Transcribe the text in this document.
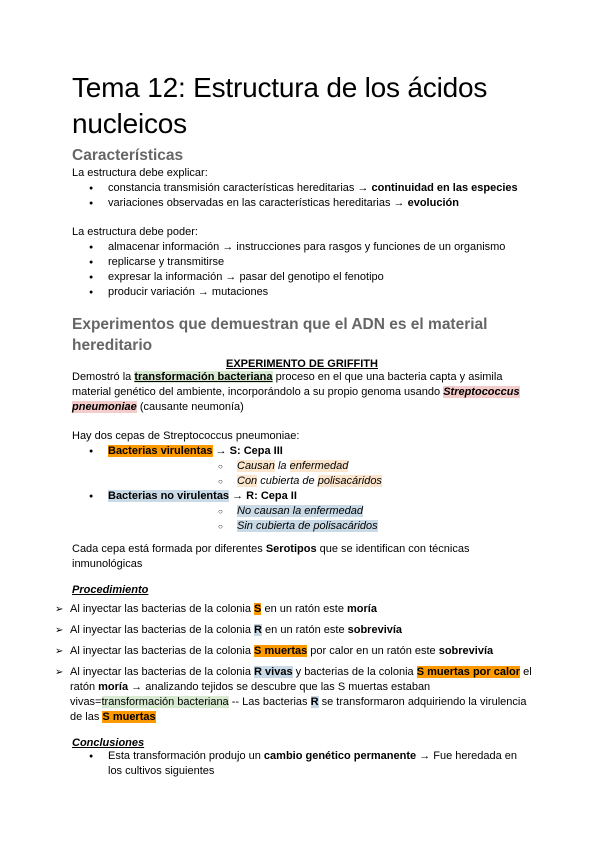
Tema 12: Estructura de los ácidos nucleicos
Características

La estructura debe explicar:

● constancia transmisión características hereditarias → continuidad en las especies
● variaciones observadas en las características hereditarias → evolución

La estructura debe poder:

● almacenar información → instrucciones para rasgos y funciones de un organismo
● replicarse y transmitirse
● expresar la información → pasar del genotipo el fenotipo
● producir variación → mutaciones
Experimentos que demuestran que el ADN es el material hereditario
EXPERIMENTO DE GRIFFITH

Demostró la transformación bacteriana proceso en el que una bacteria capta y asimila material genético del ambiente, incorporándolo a su propio genoma usando Streptococcus pneumoniae (causante neumonía)

Hay dos cepas de Streptococcus pneumoniae:

● Bacterias virulentas → S: Cepa III
○ Causan la enfermedad
○ Con cubierta de polisacáridos
● Bacterias no virulentas → R: Cepa II
○ No causan la enfermedad
○ Sin cubierta de polisacáridos

Cada cepa está formada por diferentes Serotipos que se identifican con técnicas inmunológicas

Procedimiento
➢ Al inyectar las bacterias de la colonia S en un ratón este moría
➢ Al inyectar las bacterias de la colonia R en un ratón este sobrevivía
➢ Al inyectar las bacterias de la colonia S muertas por calor en un ratón este sobrevivía
➢ Al inyectar las bacterias de la colonia R vivas y bacterias de la colonia S muertas por calor el ratón moría → analizando tejidos se descubre que las S muertas estaban vivas=transformación bacteriana -- Las bacterias R se transformaron adquiriendo la virulencia de las S muertas
Conclusiones
● Esta transformación produjo un cambio genético permanente → Fue heredada en los cultivos siguientes
